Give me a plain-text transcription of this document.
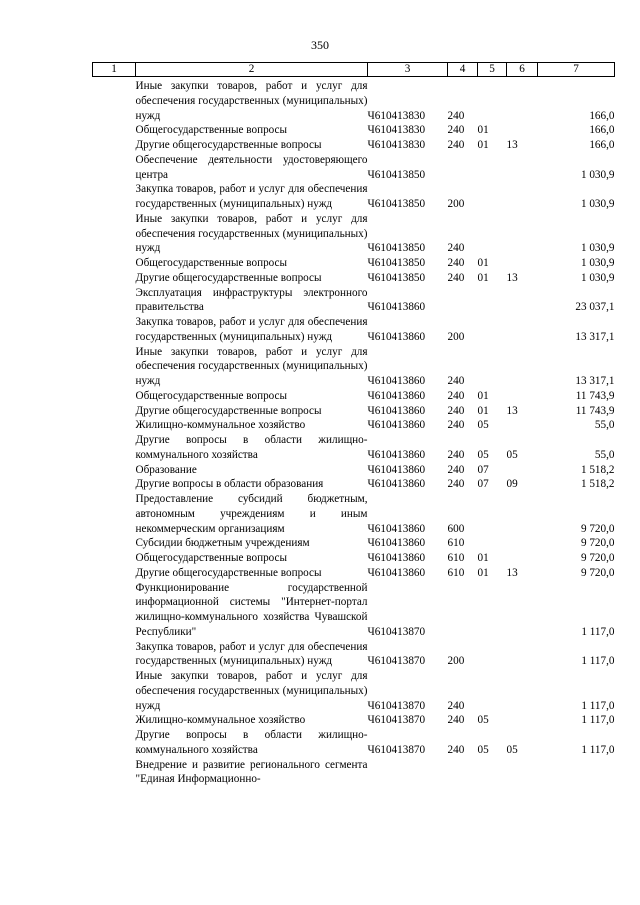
350
1	2	3	4	5	6	7

	Иные закупки товаров, работ и услуг для обеспечения государственных (муниципальных) нужд	Ч610413830	240			166,0
	Общегосударственные вопросы	Ч610413830	240	01		166,0
	Другие общегосударственные вопросы	Ч610413830	240	01	13	166,0
	Обеспечение деятельности удостоверяющего центра	Ч610413850				1 030,9
	Закупка товаров, работ и услуг для обеспечения государственных (муниципальных) нужд	Ч610413850	200			1 030,9
	Иные закупки товаров, работ и услуг для обеспечения государственных (муниципальных) нужд	Ч610413850	240			1 030,9
	Общегосударственные вопросы	Ч610413850	240	01		1 030,9
	Другие общегосударственные вопросы	Ч610413850	240	01	13	1 030,9
	Эксплуатация инфраструктуры электронного правительства	Ч610413860				23 037,1
	Закупка товаров, работ и услуг для обеспечения государственных (муниципальных) нужд	Ч610413860	200			13 317,1
	Иные закупки товаров, работ и услуг для обеспечения государственных (муниципальных) нужд	Ч610413860	240			13 317,1
	Общегосударственные вопросы	Ч610413860	240	01		11 743,9
	Другие общегосударственные вопросы	Ч610413860	240	01	13	11 743,9
	Жилищно-коммунальное хозяйство	Ч610413860	240	05		55,0
	Другие вопросы в области жилищно-коммунального хозяйства	Ч610413860	240	05	05	55,0
	Образование	Ч610413860	240	07		1 518,2
	Другие вопросы в области образования	Ч610413860	240	07	09	1 518,2
	Предоставление субсидий бюджетным, автономным учреждениям и иным некоммерческим организациям	Ч610413860	600			9 720,0
	Субсидии бюджетным учреждениям	Ч610413860	610			9 720,0
	Общегосударственные вопросы	Ч610413860	610	01		9 720,0
	Другие общегосударственные вопросы	Ч610413860	610	01	13	9 720,0
	Функционирование государственной информационной системы "Интернет-портал жилищно-коммунального хозяйства Чувашской Республики"	Ч610413870				1 117,0
	Закупка товаров, работ и услуг для обеспечения государственных (муниципальных) нужд	Ч610413870	200			1 117,0
	Иные закупки товаров, работ и услуг для обеспечения государственных (муниципальных) нужд	Ч610413870	240			1 117,0
	Жилищно-коммунальное хозяйство	Ч610413870	240	05		1 117,0
	Другие вопросы в области жилищно-коммунального хозяйства	Ч610413870	240	05	05	1 117,0
	Внедрение и развитие регионального сегмента "Единая Информационно-					
